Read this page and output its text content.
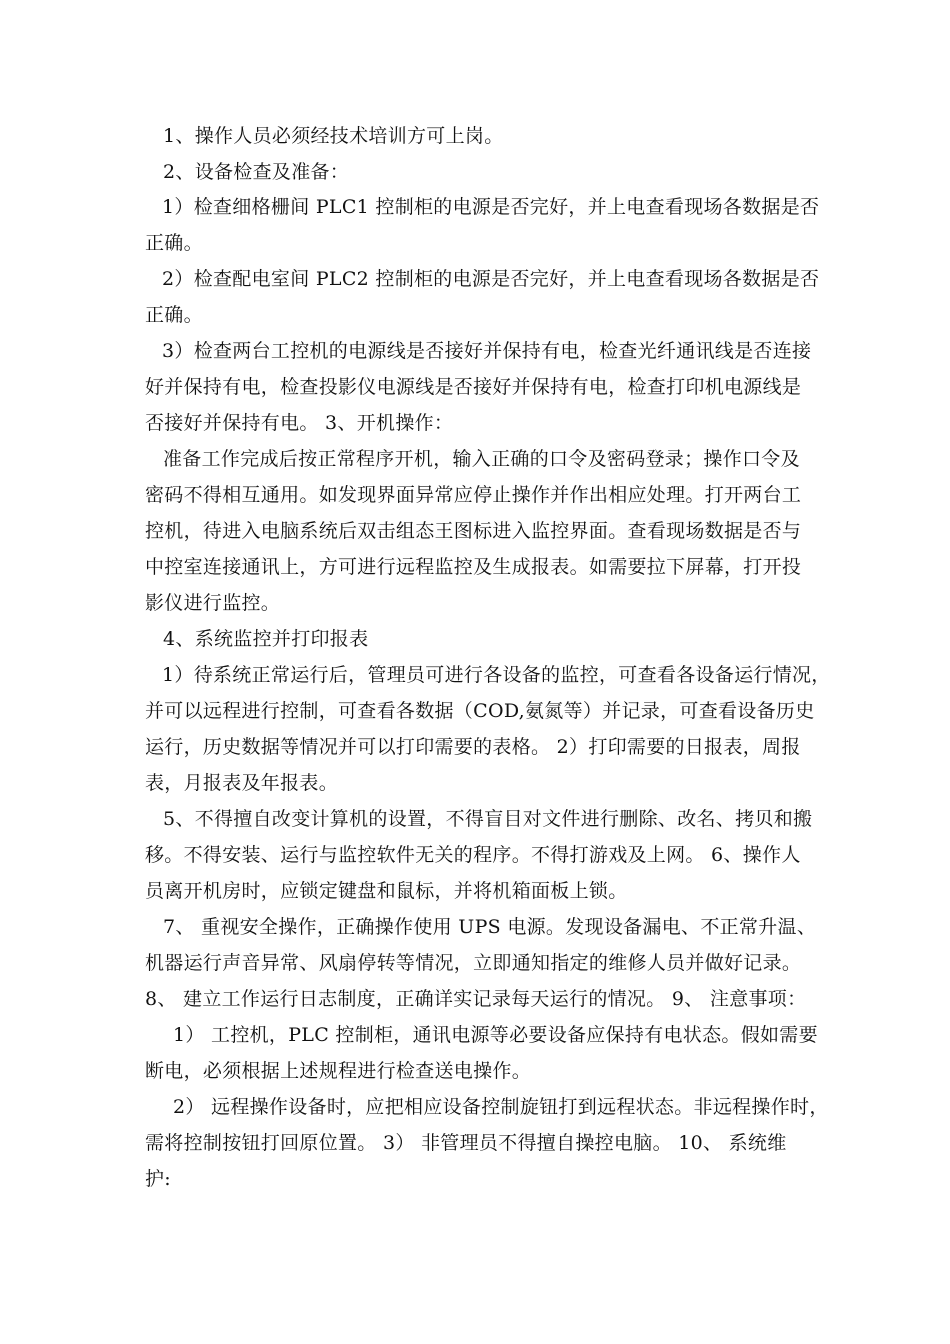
1、操作人员必须经技术培训方可上岗。
2、设备检查及准备：
1）检查细格栅间 PLC1 控制柜的电源是否完好，并上电查看现场各数据是否
正确。
2）检查配电室间 PLC2 控制柜的电源是否完好，并上电查看现场各数据是否
正确。
3）检查两台工控机的电源线是否接好并保持有电，检查光纤通讯线是否连接
好并保持有电，检查投影仪电源线是否接好并保持有电，检查打印机电源线是
否接好并保持有电。 3、开机操作：
准备工作完成后按正常程序开机，输入正确的口令及密码登录；操作口令及
密码不得相互通用。如发现界面异常应停止操作并作出相应处理。打开两台工
控机，待进入电脑系统后双击组态王图标进入监控界面。查看现场数据是否与
中控室连接通讯上，方可进行远程监控及生成报表。如需要拉下屏幕，打开投
影仪进行监控。
4、系统监控并打印报表
1）待系统正常运行后，管理员可进行各设备的监控，可查看各设备运行情况，
并可以远程进行控制，可查看各数据（COD,氨氮等）并记录，可查看设备历史
运行，历史数据等情况并可以打印需要的表格。 2）打印需要的日报表，周报
表，月报表及年报表。
5、不得擅自改变计算机的设置，不得盲目对文件进行删除、改名、拷贝和搬
移。不得安装、运行与监控软件无关的程序。不得打游戏及上网。 6、操作人
员离开机房时，应锁定键盘和鼠标，并将机箱面板上锁。
7、 重视安全操作，正确操作使用 UPS 电源。发现设备漏电、不正常升温、
机器运行声音异常、风扇停转等情况，立即通知指定的维修人员并做好记录。
8、 建立工作运行日志制度，正确详实记录每天运行的情况。 9、 注意事项：
1） 工控机，PLC 控制柜，通讯电源等必要设备应保持有电状态。假如需要
断电，必须根据上述规程进行检查送电操作。
2） 远程操作设备时，应把相应设备控制旋钮打到远程状态。非远程操作时，
需将控制按钮打回原位置。 3） 非管理员不得擅自操控电脑。 10、 系统维
护:
